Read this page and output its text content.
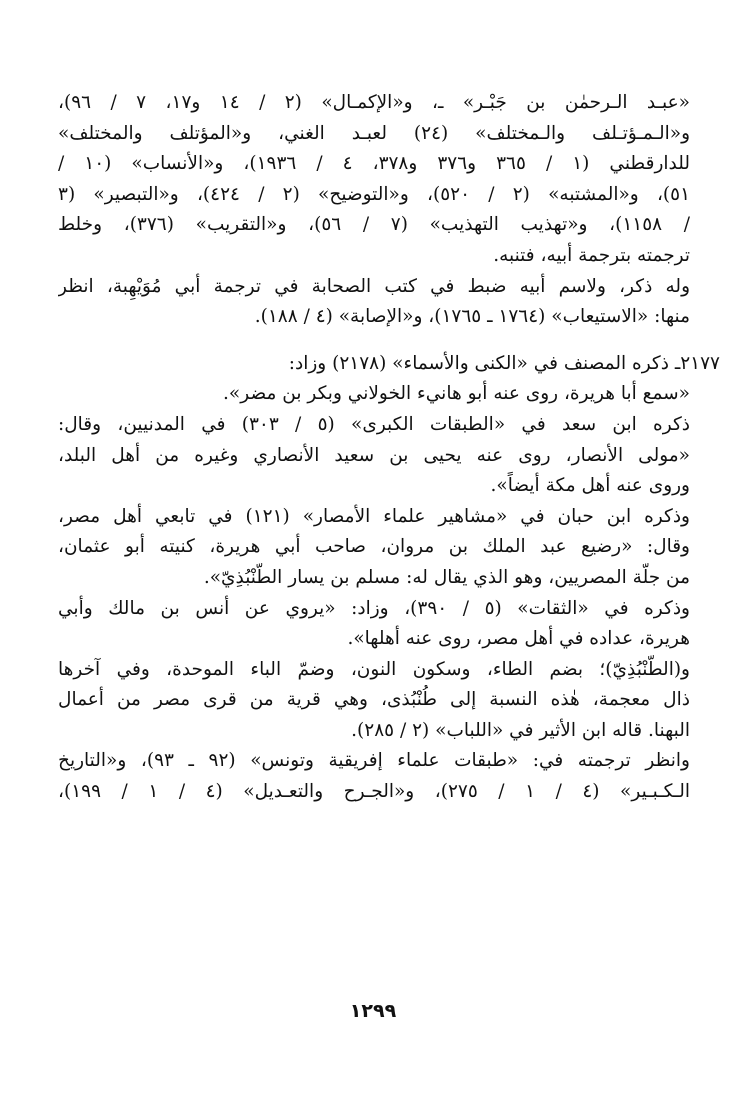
«عبـد الـرحمٰن بن جَبْـر» ـ، و«الإكمـال» (٢ / ١٤ و١٧، ٧ / ٩٦)،
و«الـمـؤتـلف والـمختلف» (٢٤) لعبـد الغني، و«المؤتلف والمختلف»
للدارقطني (١ / ٣٦٥ و٣٧٦ و٣٧٨، ٤ / ١٩٣٦)، و«الأنساب» (١٠ /
٥١)، و«المشتبه» (٢ / ٥٢٠)، و«التوضيح» (٢ / ٤٢٤)، و«التبصير» (٣
/ ١١٥٨)، و«تهذيب التهذيب» (٧ / ٥٦)، و«التقريب» (٣٧٦)، وخلط
ترجمته بترجمة أبيه، فتنبه.
وله ذكر، ولاسم أبيه ضبط في كتب الصحابة في ترجمة أبي مُوَيْهِبة، انظر
منها: «الاستيعاب» (١٧٦٤ ـ ١٧٦٥)، و«الإصابة» (٤ / ١٨٨).
٢١٧٧ـ ذكره المصنف في «الكنى والأسماء» (٢١٧٨) وزاد:
«سمع أبا هريرة، روى عنه أبو هانيء الخولاني وبكر بن مضر».
ذكره ابن سعد في «الطبقات الكبرى» (٥ / ٣٠٣) في المدنيين، وقال:
«مولى الأنصار، روى عنه يحيى بن سعيد الأنصاري وغيره من أهل البلد،
وروى عنه أهل مكة أيضاً».
وذكره ابن حبان في «مشاهير علماء الأمصار» (١٢١) في تابعي أهل مصر،
وقال: «رضيع عبد الملك بن مروان، صاحب أبي هريرة، كنيته أبو عثمان،
من جلّة المصريين، وهو الذي يقال له: مسلم بن يسار الطُّنْبُذِيّ».
وذكره في «الثقات» (٥ / ٣٩٠)، وزاد: «يروي عن أنس بن مالك وأبي
هريرة، عداده في أهل مصر، روى عنه أهلها».
و(الطُّنْبُذِيّ)؛ بضم الطاء، وسكون النون، وضمّ الباء الموحدة، وفي آخرها
ذال معجمة، هٰذه النسبة إلى طُنْبُذى، وهي قرية من قرى مصر من أعمال
البهنا. قاله ابن الأثير في «اللباب» (٢ / ٢٨٥).
وانظر ترجمته في: «طبقات علماء إفريقية وتونس» (٩٢ ـ ٩٣)، و«التاريخ
الـكـبـير» (٤ / ١ / ٢٧٥)، و«الجـرح والتعـديل» (٤ / ١ / ١٩٩)،
١٢٩٩
